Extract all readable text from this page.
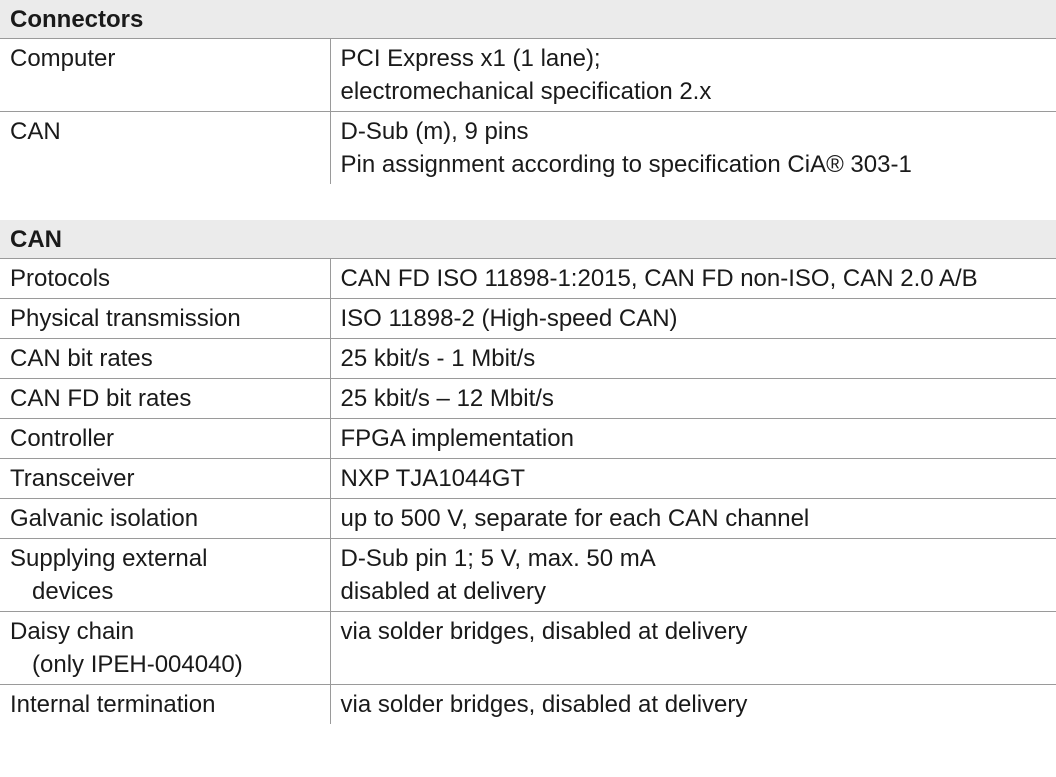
Connectors
Computer	PCI Express x1 (1 lane);
electromechanical specification 2.x

CAN	D-Sub (m), 9 pins
Pin assignment according to specification CiA® 303-1
CAN
Protocols	CAN FD ISO 11898-1:2015, CAN FD non-ISO, CAN 2.0 A/B

Physical transmission	ISO 11898-2 (High-speed CAN)

CAN bit rates	25 kbit/s - 1 Mbit/s

CAN FD bit rates	25 kbit/s – 12 Mbit/s

Controller	FPGA implementation

Transceiver	NXP TJA1044GT

Galvanic isolation	up to 500 V, separate for each CAN channel

Supplying external
devices	D-Sub pin 1; 5 V, max. 50 mA
disabled at delivery

Daisy chain
(only IPEH-004040)	via solder bridges, disabled at delivery

Internal termination	via solder bridges, disabled at delivery
